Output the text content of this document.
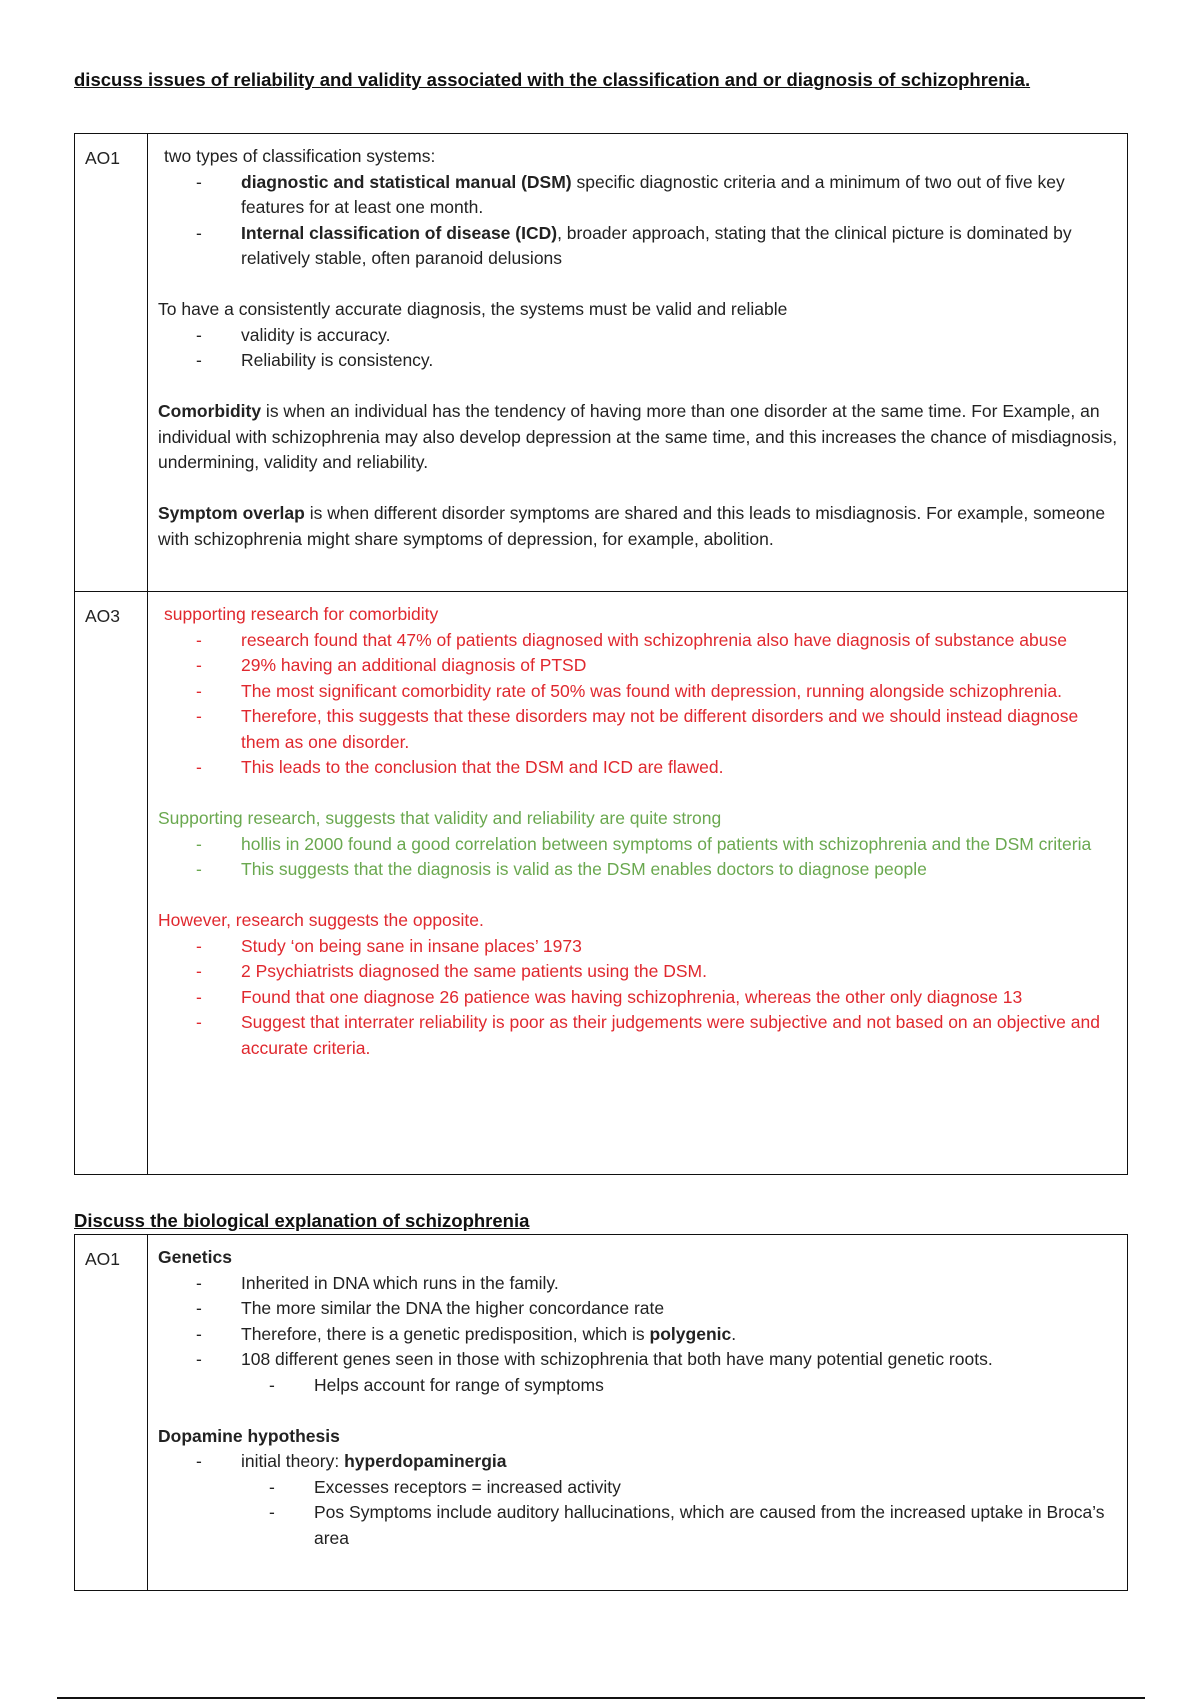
discuss issues of reliability and validity associated with the classification and or diagnosis of schizophrenia.
AO1	two types of classification systems:
- diagnostic and statistical manual (DSM) specific diagnostic criteria and a minimum of two out of five key features for at least one month.
- Internal classification of disease (ICD), broader approach, stating that the clinical picture is dominated by relatively stable, often paranoid delusions
To have a consistently accurate diagnosis, the systems must be valid and reliable
- validity is accuracy.
- Reliability is consistency.
Comorbidity is when an individual has the tendency of having more than one disorder at the same time. For Example, an individual with schizophrenia may also develop depression at the same time, and this increases the chance of misdiagnosis, undermining, validity and reliability.
Symptom overlap is when different disorder symptoms are shared and this leads to misdiagnosis. For example, someone with schizophrenia might share symptoms of depression, for example, abolition.
AO3	supporting research for comorbidity
- research found that 47% of patients diagnosed with schizophrenia also have diagnosis of substance abuse
- 29% having an additional diagnosis of PTSD
- The most significant comorbidity rate of 50% was found with depression, running alongside schizophrenia.
- Therefore, this suggests that these disorders may not be different disorders and we should instead diagnose them as one disorder.
- This leads to the conclusion that the DSM and ICD are flawed.
Supporting research, suggests that validity and reliability are quite strong
- hollis in 2000 found a good correlation between symptoms of patients with schizophrenia and the DSM criteria
- This suggests that the diagnosis is valid as the DSM enables doctors to diagnose people
However, research suggests the opposite.
- Study ‘on being sane in insane places’ 1973
- 2 Psychiatrists diagnosed the same patients using the DSM.
- Found that one diagnose 26 patience was having schizophrenia, whereas the other only diagnose 13
- Suggest that interrater reliability is poor as their judgements were subjective and not based on an objective and accurate criteria.
Discuss the biological explanation of schizophrenia
AO1	Genetics
- Inherited in DNA which runs in the family.
- The more similar the DNA the higher concordance rate
- Therefore, there is a genetic predisposition, which is polygenic.
- 108 different genes seen in those with schizophrenia that both have many potential genetic roots.
- Helps account for range of symptoms
Dopamine hypothesis
- initial theory: hyperdopaminergia
- Excesses receptors = increased activity
- Pos Symptoms include auditory hallucinations, which are caused from the increased uptake in Broca’s area
